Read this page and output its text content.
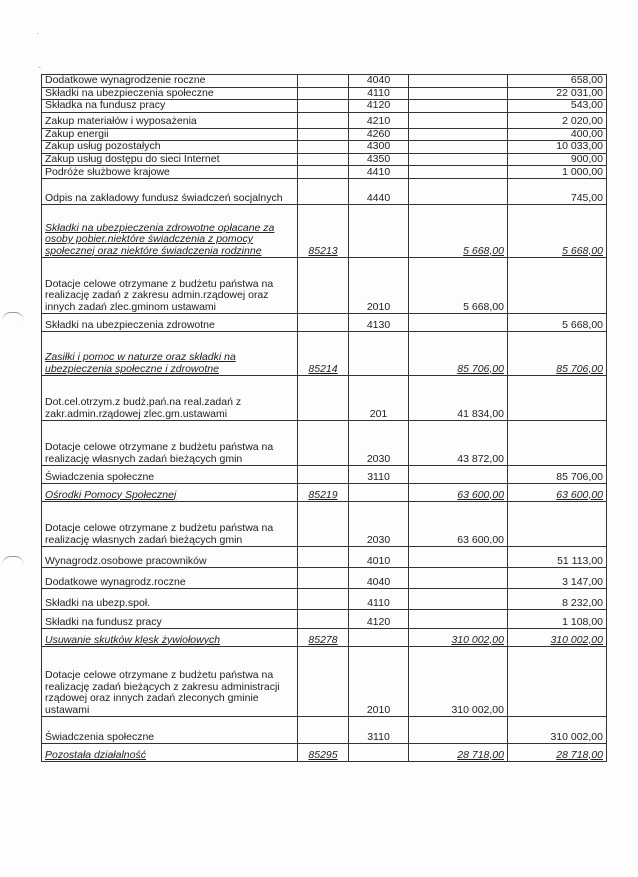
·
-
Dodatkowe wynagrodzenie roczne		4040		658,00
Składki na ubezpieczenia społeczne		4110		22 031,00
Składka na fundusz pracy		4120		543,00
Zakup materiałów i wyposażenia		4210		2 020,00
Zakup energii		4260		400,00
Zakup usług pozostałych		4300		10 033,00
Zakup usług dostępu do sieci Internet		4350		900,00
Podróże służbowe krajowe		4410		1 000,00
Odpis na zakładowy fundusz świadczeń socjalnych		4440		745,00
Składki na ubezpieczenia zdrowotne opłacane za osoby pobier.niektóre świadczenia z pomocy społecznej oraz niektóre świadczenia rodzinne	85213		5 668,00	5 668,00
Dotacje celowe otrzymane z budżetu państwa na realizację zadań z zakresu admin.rządowej oraz innych zadań zlec.gminom ustawami		2010	5 668,00	
Składki na ubezpieczenia zdrowotne		4130		5 668,00
Zasiłki i pomoc w naturze oraz składki na ubezpieczenia społeczne i zdrowotne	85214		85 706,00	85 706,00
Dot.cel.otrzym.z budż.pań.na real.zadań z zakr.admin.rządowej zlec.gm.ustawami		201	41 834,00	
Dotacje celowe otrzymane z budżetu państwa na realizację własnych zadań bieżących gmin		2030	43 872,00	
Świadczenia społeczne		3110		85 706,00
Ośrodki Pomocy Społecznej	85219		63 600,00	63 600,00
Dotacje celowe otrzymane z budżetu państwa na realizację własnych zadań bieżących gmin		2030	63 600,00	
Wynagrodz.osobowe pracowników		4010		51 113,00
Dodatkowe wynagrodz.roczne		4040		3 147,00
Składki na ubezp.społ.		4110		8 232,00
Składki na fundusz pracy		4120		1 108,00
Usuwanie skutków klęsk żywiołowych	85278		310 002,00	310 002,00
Dotacje celowe otrzymane z budżetu państwa na realizację zadań bieżących z zakresu administracji rządowej oraz innych zadań zleconych gminie ustawami		2010	310 002,00	
Świadczenia społeczne		3110		310 002,00
Pozostała działalność	85295		28 718,00	28 718,00
